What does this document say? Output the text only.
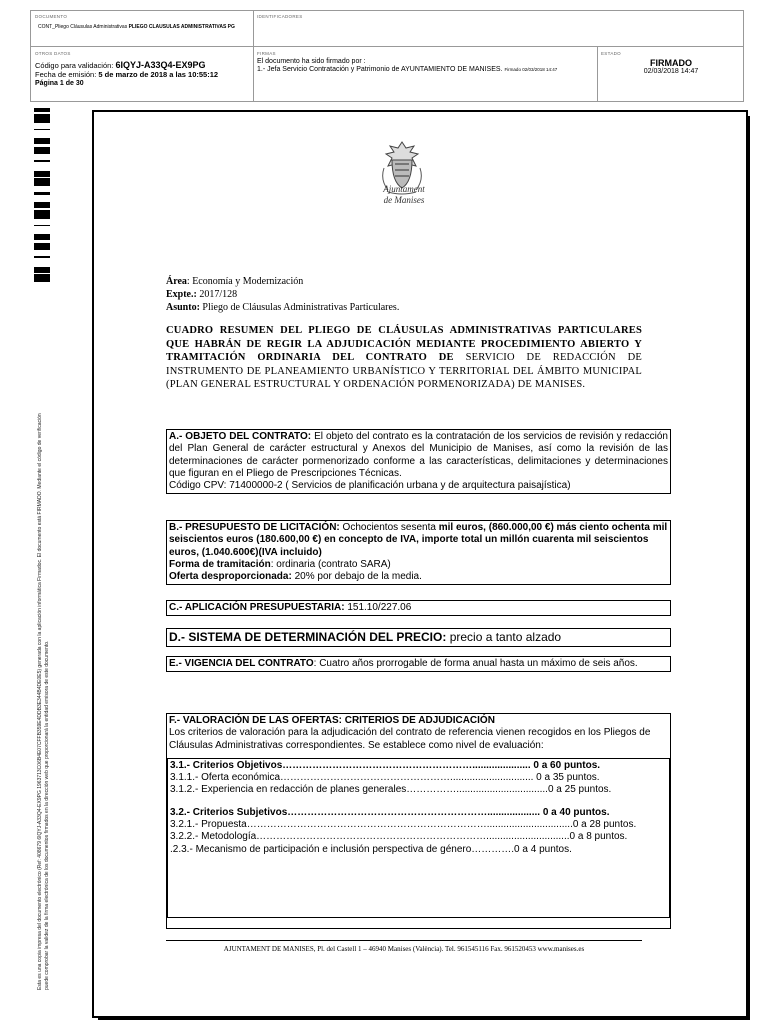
DOCUMENTO
CONT_Pliego Cláusulas Administrativas PLIEGO CLAUSULAS ADMINISTRATIVAS PG
IDENTIFICADORES
OTROS DATOS
Código para validación: 6IQYJ-A33Q4-EX9PG
Fecha de emisión: 5 de marzo de 2018 a las 10:55:12
Página 1 de 30
FIRMAS
El documento ha sido firmado por :
1.- Jefa Servicio Contratación y Patrimonio de AYUNTAMIENTO DE MANISES. Firmado 02/03/2018 14:47
ESTADO
FIRMADO
02/03/2018 14:47
Esta es una copia impresa del documento electrónico (Ref: 408679 6IQYJ-A33Q4-EX9PG 1963713C06B4E07CFFB359E4DDB3E344B4DE0E5) generada con la aplicación informática Firmadoc. El documento está FIRMADO. Mediante el código de verificación puede comprobar la validez de la firma electrónica de los documentos firmados en la dirección web que proporcionará la entidad emisora de este documento.
Ajuntament
de Manises
Área: Economía y Modernización
Expte.: 2017/128
Asunto: Pliego de Cláusulas Administrativas Particulares.
CUADRO RESUMEN DEL PLIEGO DE CLÁUSULAS ADMINISTRATIVAS PARTICULARES QUE HABRÁN DE REGIR LA ADJUDICACIÓN MEDIANTE PROCEDIMIENTO ABIERTO Y TRAMITACIÓN ORDINARIA DEL CONTRATO DE SERVICIO DE REDACCIÓN DE INSTRUMENTO DE PLANEAMIENTO URBANÍSTICO Y TERRITORIAL DEL ÁMBITO MUNICIPAL (PLAN GENERAL ESTRUCTURAL Y ORDENACIÓN PORMENORIZADA) DE MANISES.
A.- OBJETO DEL CONTRATO: El objeto del contrato es la contratación de los servicios de revisión y redacción del Plan General de carácter estructural y Anexos del Municipio de Manises, así como la revisión de las determinaciones de carácter pormenorizado conforme a las características, delimitaciones y determinaciones que figuran en el Pliego de Prescripciones Técnicas.
Código CPV: 71400000-2 ( Servicios de planificación urbana y de arquitectura paisajística)
B.- PRESUPUESTO DE LICITACIÓN: Ochocientos sesenta mil euros, (860.000,00 €) más ciento ochenta mil seiscientos euros (180.600,00 €) en concepto de IVA, importe total un millón cuarenta mil seiscientos euros, (1.040.600€)(IVA incluido)
Forma de tramitación: ordinaria (contrato SARA)
Oferta desproporcionada: 20% por debajo de la media.
C.- APLICACIÓN PRESUPUESTARIA: 151.10/227.06
D.- SISTEMA DE DETERMINACIÓN DEL PRECIO: precio a tanto alzado
E.- VIGENCIA DEL CONTRATO: Cuatro años prorrogable de forma anual hasta un máximo de seis años.
F.- VALORACIÓN DE LAS OFERTAS: CRITERIOS DE ADJUDICACIÓN
Los criterios de valoración para la adjudicación del contrato de referencia vienen recogidos en los Pliegos de Cláusulas Administrativas correspondientes. Se establece como nivel de evaluación:
3.1.- Criterios Objetivos…………………………………………………..................... 0 a 60 puntos.
3.1.1.- Oferta económica…………………………………………….............................. 0 a 35 puntos.
3.1.2.- Experiencia en redacción de planes generales…………….................................0 a 25 puntos.
3.2.- Criterios Subjetivos……………………………………………………................... 0 a 40 puntos.
3.2.1.- Propuesta………………………………………………………………...............................0 a 28 puntos.
3.2.2.- Metodología……………………………………………………………..............................0 a 8 puntos.
.2.3.- Mecanismo de participación e inclusión perspectiva de género………….0 a 4 puntos.
AJUNTAMENT DE MANISES, Pl. del Castell 1 – 46940 Manises (València). Tel. 961545116 Fax. 961520453 www.manises.es
